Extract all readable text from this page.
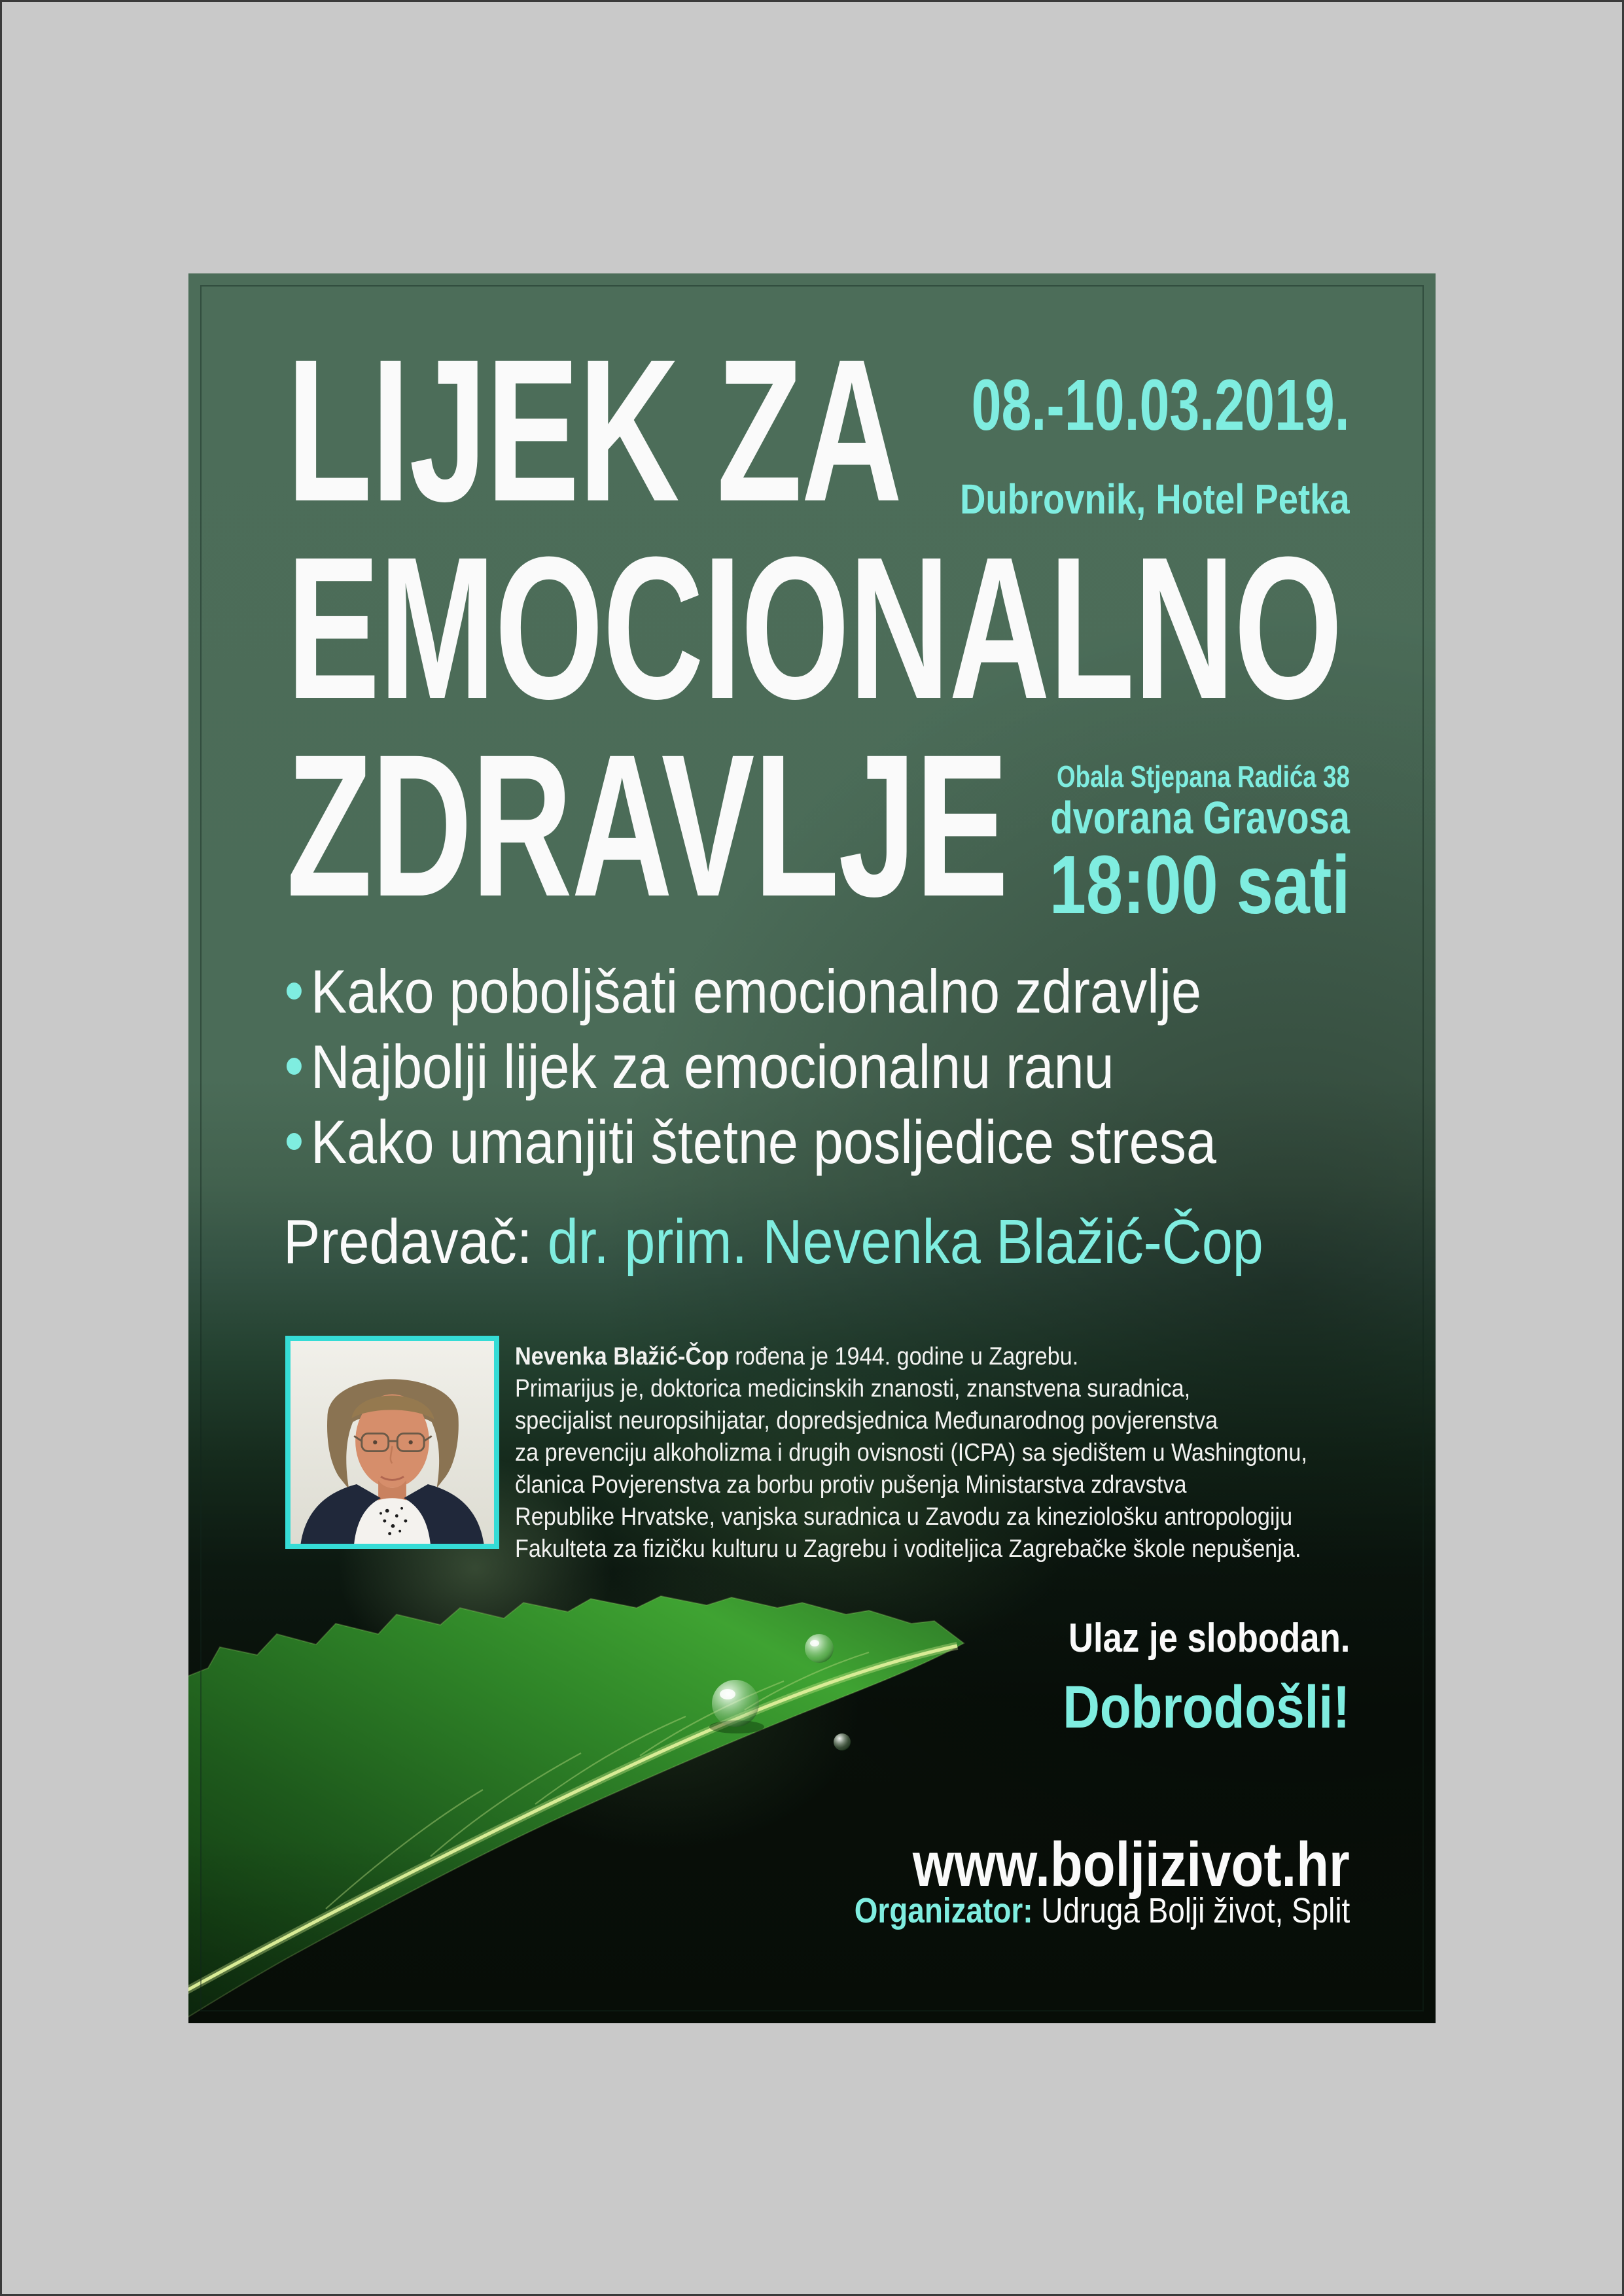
LIJEK ZA
EMOCIONALNO
ZDRAVLJE
08.-10.03.2019.
Dubrovnik, Hotel Petka
Obala Stjepana Radića 38
dvorana Gravosa
18:00 sati
Kako poboljšati emocionalno zdravlje
Najbolji lijek za emocionalnu ranu
Kako umanjiti štetne posljedice stresa
Predavač: dr. prim. Nevenka Blažić-Čop
Nevenka Blažić-Čop rođena je 1944. godine u Zagrebu.
Primarijus je, doktorica medicinskih znanosti, znanstvena suradnica,
specijalist neuropsihijatar, dopredsjednica Međunarodnog povjerenstva
za prevenciju alkoholizma i drugih ovisnosti (ICPA) sa sjedištem u Washingtonu,
članica Povjerenstva za borbu protiv pušenja Ministarstva zdravstva
Republike Hrvatske, vanjska suradnica u Zavodu za kineziološku antropologiju
Fakulteta za fizičku kulturu u Zagrebu i voditeljica Zagrebačke škole nepušenja.
Ulaz je slobodan.
Dobrodošli!
www.boljizivot.hr
Organizator: Udruga Bolji život, Split
